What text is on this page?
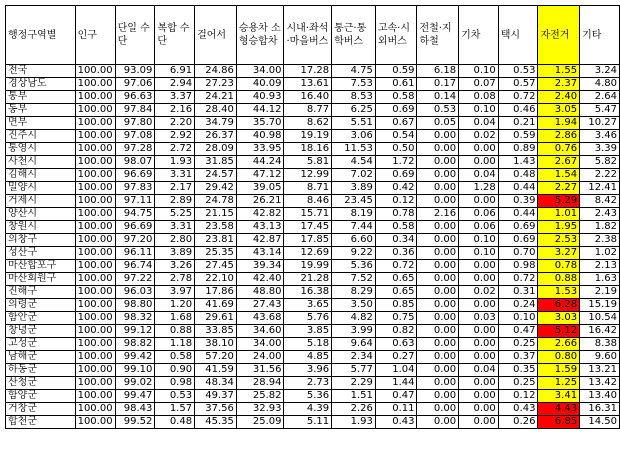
행정구역별	인구	단일 수단	복합 수단	걸어서	승용차 소형승합차	시내·좌석·마을버스	통근·통학버스	고속·시외버스	전철·지하철	기차	택시	자전거	기타
전국	100.00	93.09	6.91	24.86	34.00	17.28	4.75	0.59	6.18	0.10	0.53	1.55	3.24
경상남도	100.00	97.06	2.94	27.23	40.09	13.61	7.53	0.61	0.17	0.07	0.57	2.37	4.80
통부	100.00	96.63	3.37	24.21	40.93	16.40	8.53	0.58	0.14	0.08	0.72	2.40	2.64
동부	100.00	97.84	2.16	28.40	44.12	8.77	6.25	0.69	0.53	0.10	0.46	3.05	5.47
면부	100.00	97.80	2.20	34.79	35.70	8.62	5.51	0.67	0.05	0.04	0.21	1.94	10.27
진주시	100.00	97.08	2.92	26.37	40.98	19.19	3.06	0.54	0.00	0.02	0.59	2.86	3.46
통영시	100.00	97.28	2.72	28.09	33.95	18.16	11.53	0.50	0.00	0.00	0.89	0.76	3.39
사천시	100.00	98.07	1.93	31.85	44.24	5.81	4.54	1.72	0.00	0.00	1.43	2.67	5.82
김해시	100.00	96.69	3.31	24.57	47.12	12.99	7.02	0.69	0.00	0.04	0.48	1.54	2.22
밀양시	100.00	97.83	2.17	29.42	39.05	8.71	3.89	0.42	0.00	1.28	0.44	2.27	12.41
거제시	100.00	97.11	2.89	24.78	26.21	8.46	23.45	0.12	0.00	0.00	0.39	5.29	8.42
양산시	100.00	94.75	5.25	21.15	42.82	15.71	8.19	0.78	2.16	0.06	0.44	1.01	2.43
창원시	100.00	96.69	3.31	23.58	43.13	17.45	7.44	0.58	0.00	0.06	0.69	1.95	1.82
의창구	100.00	97.20	2.80	23.81	42.87	17.85	6.60	0.34	0.00	0.10	0.69	2.53	2.38
성산구	100.00	96.11	3.89	25.35	43.14	12.69	9.22	0.36	0.00	0.10	0.70	3.27	1.02
마산합포구	100.00	96.74	3.26	27.45	39.34	19.99	5.36	0.72	0.00	0.00	0.98	0.78	2.13
마산회원구	100.00	97.22	2.78	22.10	42.40	21.28	7.52	0.65	0.00	0.00	0.72	0.88	1.63
진해구	100.00	96.03	3.97	17.86	48.80	16.38	8.29	0.65	0.00	0.02	0.31	1.53	2.19
의령군	100.00	98.80	1.20	41.69	27.43	3.65	3.50	0.85	0.00	0.00	0.24	6.28	15.19
함안군	100.00	98.32	1.68	29.61	43.68	5.76	4.82	0.75	0.00	0.03	0.10	3.03	10.54
창녕군	100.00	99.12	0.88	33.85	34.60	3.85	3.99	0.82	0.00	0.00	0.47	5.12	16.42
고성군	100.00	98.82	1.18	38.10	34.00	5.18	9.64	0.63	0.00	0.00	0.25	2.66	8.38
남해군	100.00	99.42	0.58	57.20	24.00	4.85	2.34	0.27	0.00	0.00	0.37	0.80	9.60
하동군	100.00	99.10	0.90	41.59	31.56	3.96	5.77	1.04	0.00	0.04	0.35	1.59	13.21
산청군	100.00	99.02	0.98	48.34	28.94	2.73	2.29	1.44	0.00	0.00	0.25	1.25	13.42
함양군	100.00	99.47	0.53	49.37	25.82	5.36	1.51	0.47	0.00	0.00	0.12	3.41	13.40
거창군	100.00	98.43	1.57	37.56	32.93	4.39	2.26	0.11	0.00	0.00	0.43	4.43	16.31
합천군	100.00	99.52	0.48	45.35	25.09	5.11	1.93	0.43	0.00	0.00	0.26	6.85	14.50
